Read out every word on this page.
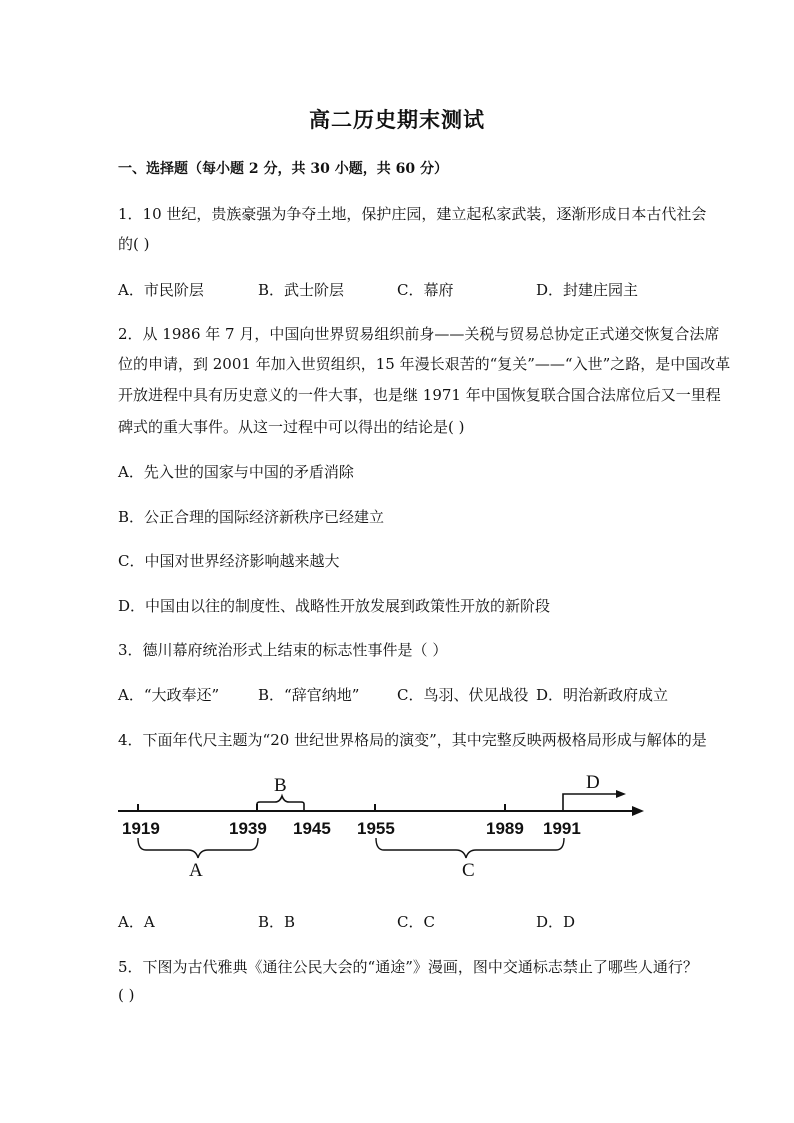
高二历史期末测试
一、选择题（每小题 2 分，共 30 小题，共 60 分）
1．10 世纪，贵族豪强为争夺土地，保护庄园，建立起私家武装，逐渐形成日本古代社会
的( )
A．市民阶层	B．武士阶层	C．幕府	D．封建庄园主
2．从 1986 年 7 月，中国向世界贸易组织前身——关税与贸易总协定正式递交恢复合法席
位的申请，到 2001 年加入世贸组织，15 年漫长艰苦的“复关”——“入世”之路，是中国改革
开放进程中具有历史意义的一件大事，也是继 1971 年中国恢复联合国合法席位后又一里程
碑式的重大事件。从这一过程中可以得出的结论是( )
A．先入世的国家与中国的矛盾消除
B．公正合理的国际经济新秩序已经建立
C．中国对世界经济影响越来越大
D．中国由以往的制度性、战略性开放发展到政策性开放的新阶段
3．德川幕府统治形式上结束的标志性事件是（ ）
A．“大政奉还”	B．“辞官纳地”	C．鸟羽、伏见战役 D．明治新政府成立
4．下面年代尺主题为“20 世纪世界格局的演变”，其中完整反映两极格局形成与解体的是
1919	1939 1945 1955	1989 1991
B	D
A	C
A．A	B．B	C．C	D．D
5．下图为古代雅典《通往公民大会的“通途”》漫画，图中交通标志禁止了哪些人通行？
( )
